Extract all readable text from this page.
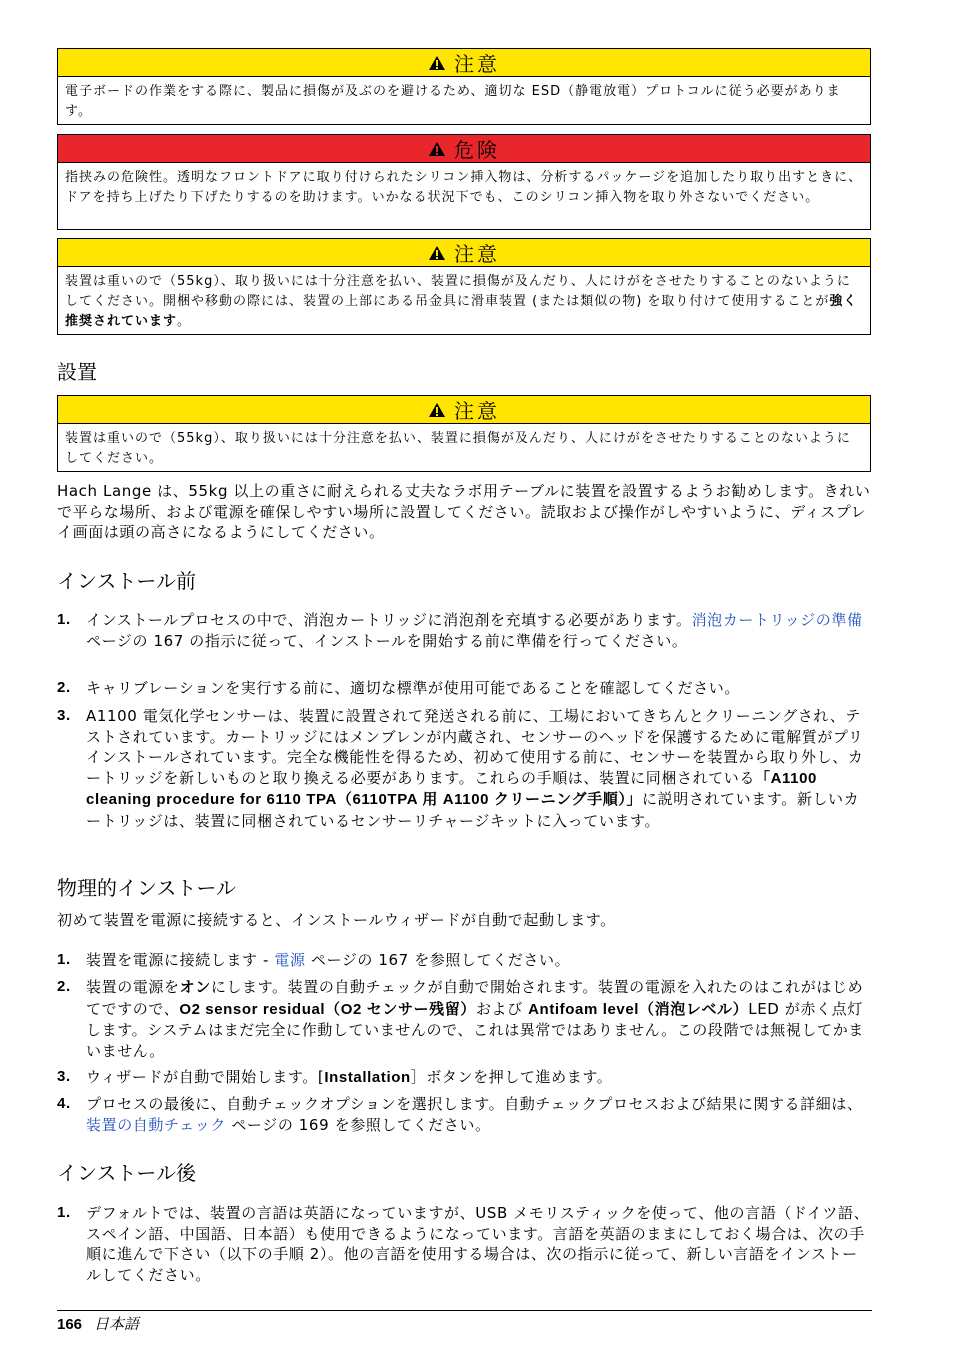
注意
電子ボードの作業をする際に、製品に損傷が及ぶのを避けるため、適切な ESD（静電放電）プロトコルに従う必要があります。
危険
指挟みの危険性。透明なフロントドアに取り付けられたシリコン挿入物は、分析するパッケージを追加したり取り出すときに、ドアを持ち上げたり下げたりするのを助けます。いかなる状況下でも、このシリコン挿入物を取り外さないでください。
注意
装置は重いので（55kg）、取り扱いには十分注意を払い、装置に損傷が及んだり、人にけがをさせたりすることのないようにしてください。開梱や移動の際には、装置の上部にある吊金具に滑車装置 (または類似の物) を取り付けて使用することが強く推奨されています。
設置
注意
装置は重いので（55kg）、取り扱いには十分注意を払い、装置に損傷が及んだり、人にけがをさせたりすることのないようにしてください。
Hach Lange は、55kg 以上の重さに耐えられる丈夫なラボ用テーブルに装置を設置するようお勧めします。きれいで平らな場所、および電源を確保しやすい場所に設置してください。読取および操作がしやすいように、ディスプレイ画面は頭の高さになるようにしてください。
インストール前
1. インストールプロセスの中で、消泡カートリッジに消泡剤を充填する必要があります。消泡カートリッジの準備 ページの 167 の指示に従って、インストールを開始する前に準備を行ってください。
2. キャリブレーションを実行する前に、適切な標準が使用可能であることを確認してください。
3. A1100 電気化学センサーは、装置に設置されて発送される前に、工場においてきちんとクリーニングされ、テストされています。カートリッジにはメンブレンが内蔵され、センサーのヘッドを保護するために電解質がプリインストールされています。完全な機能性を得るため、初めて使用する前に、センサーを装置から取り外し、カートリッジを新しいものと取り換える必要があります。これらの手順は、装置に同梱されている「A1100 cleaning procedure for 6110 TPA（6110TPA 用 A1100 クリーニング手順）」に説明されています。新しいカートリッジは、装置に同梱されているセンサーリチャージキットに入っています。
物理的インストール
初めて装置を電源に接続すると、インストールウィザードが自動で起動します。
1. 装置を電源に接続します - 電源 ページの 167 を参照してください。
2. 装置の電源をオンにします。装置の自動チェックが自動で開始されます。装置の電源を入れたのはこれがはじめてですので、O2 sensor residual（O2 センサー残留）および Antifoam level（消泡レベル）LED が赤く点灯します。システムはまだ完全に作動していませんので、これは異常ではありません。この段階では無視してかまいません。
3. ウィザードが自動で開始します。[Installation］ボタンを押して進めます。
4. プロセスの最後に、自動チェックオプションを選択します。自動チェックプロセスおよび結果に関する詳細は、装置の自動チェック ページの 169 を参照してください。
インストール後
1. デフォルトでは、装置の言語は英語になっていますが、USB メモリスティックを使って、他の言語（ドイツ語、スペイン語、中国語、日本語）も使用できるようになっています。言語を英語のままにしておく場合は、次の手順に進んで下さい（以下の手順 2）。他の言語を使用する場合は、次の指示に従って、新しい言語をインストールしてください。
166 日本語
